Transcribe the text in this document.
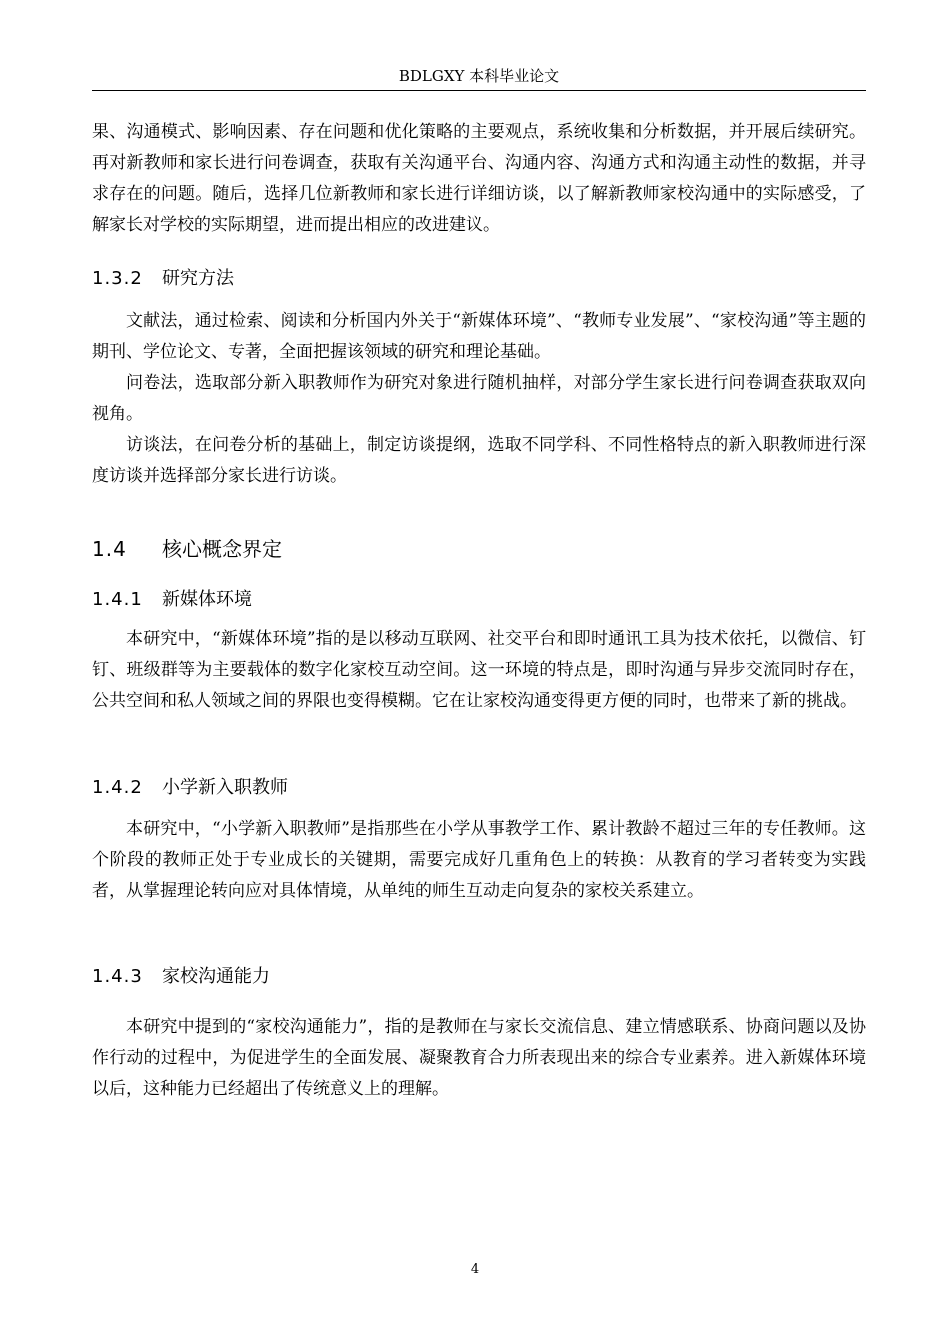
BDLGXY 本科毕业论文

果、沟通模式、影响因素、存在问题和优化策略的主要观点，系统收集和分析数据，并开展后续研究。再对新教师和家长进行问卷调查，获取有关沟通平台、沟通内容、沟通方式和沟通主动性的数据，并寻求存在的问题。随后，选择几位新教师和家长进行详细访谈，以了解新教师家校沟通中的实际感受，了解家长对学校的实际期望，进而提出相应的改进建议。

1.3.2 研究方法

文献法，通过检索、阅读和分析国内外关于“新媒体环境”、“教师专业发展”、“家校沟通”等主题的期刊、学位论文、专著，全面把握该领域的研究和理论基础。

问卷法，选取部分新入职教师作为研究对象进行随机抽样，对部分学生家长进行问卷调查获取双向视角。

访谈法，在问卷分析的基础上，制定访谈提纲，选取不同学科、不同性格特点的新入职教师进行深度访谈并选择部分家长进行访谈。

1.4 核心概念界定
1.4.1 新媒体环境

本研究中，“新媒体环境”指的是以移动互联网、社交平台和即时通讯工具为技术依托，以微信、钉钉、班级群等为主要载体的数字化家校互动空间。这一环境的特点是，即时沟通与异步交流同时存在，公共空间和私人领域之间的界限也变得模糊。它在让家校沟通变得更方便的同时，也带来了新的挑战。

1.4.2 小学新入职教师

本研究中，“小学新入职教师”是指那些在小学从事教学工作、累计教龄不超过三年的专任教师。这个阶段的教师正处于专业成长的关键期，需要完成好几重角色上的转换：从教育的学习者转变为实践者，从掌握理论转向应对具体情境，从单纯的师生互动走向复杂的家校关系建立。

1.4.3 家校沟通能力

本研究中提到的“家校沟通能力”，指的是教师在与家长交流信息、建立情感联系、协商问题以及协作行动的过程中，为促进学生的全面发展、凝聚教育合力所表现出来的综合专业素养。进入新媒体环境以后，这种能力已经超出了传统意义上的理解。

4
